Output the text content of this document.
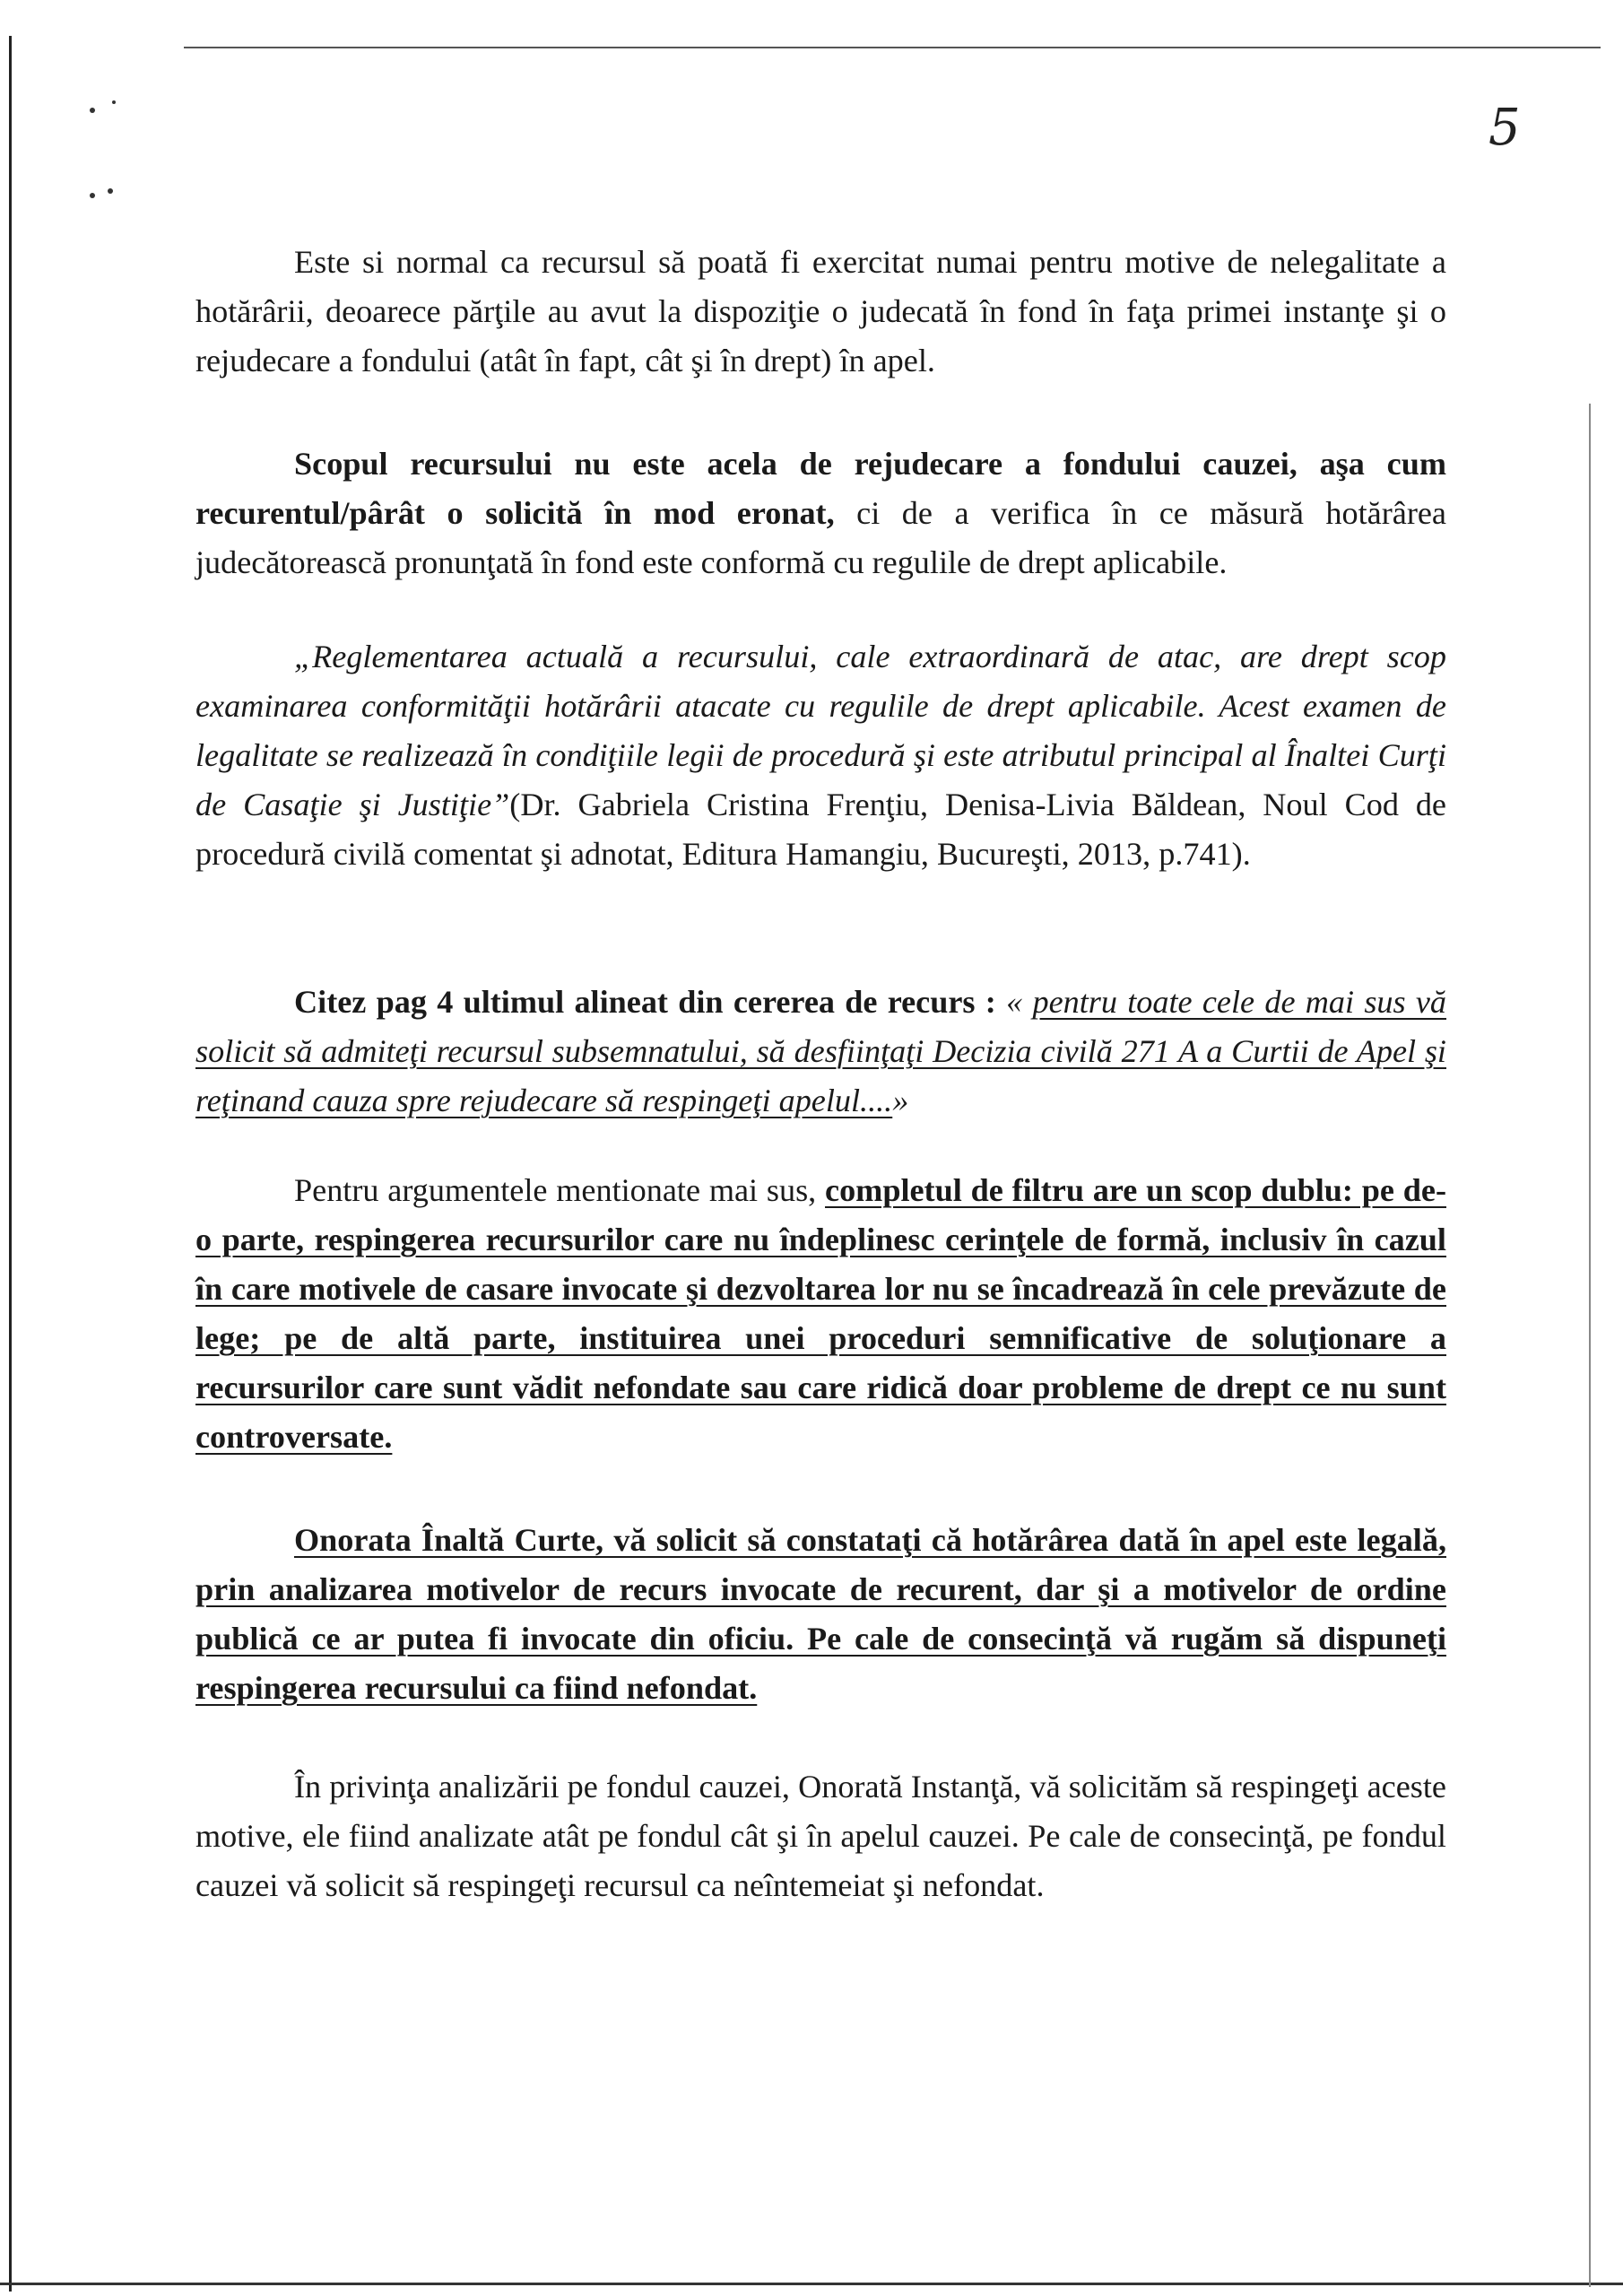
5

Este si normal ca recursul să poată fi exercitat numai pentru motive de nelegalitate a hotărârii, deoarece părţile au avut la dispoziţie o judecată în fond în faţa primei instanţe şi o rejudecare a fondului (atât în fapt, cât şi în drept) în apel.

Scopul recursului nu este acela de rejudecare a fondului cauzei, aşa cum recurentul/pârât o solicită în mod eronat, ci de a verifica în ce măsură hotărârea judecătorească pronunţată în fond este conformă cu regulile de drept aplicabile.

„Reglementarea actuală a recursului, cale extraordinară de atac, are drept scop examinarea conformităţii hotărârii atacate cu regulile de drept aplicabile. Acest examen de legalitate se realizează în condiţiile legii de procedură şi este atributul principal al Înaltei Curţi de Casaţie şi Justiţie”(Dr. Gabriela Cristina Frenţiu, Denisa-Livia Băldean, Noul Cod de procedură civilă comentat şi adnotat, Editura Hamangiu, Bucureşti, 2013, p.741).

Citez pag 4 ultimul alineat din cererea de recurs : « pentru toate cele de mai sus vă solicit să admiteţi recursul subsemnatului, să desfiinţaţi Decizia civilă 271 A a Curtii de Apel şi reţinand cauza spre rejudecare să respingeţi apelul....»

Pentru argumentele mentionate mai sus, completul de filtru are un scop dublu: pe de-o parte, respingerea recursurilor care nu îndeplinesc cerinţele de formă, inclusiv în cazul în care motivele de casare invocate şi dezvoltarea lor nu se încadrează în cele prevăzute de lege; pe de altă parte, instituirea unei proceduri semnificative de soluţionare a recursurilor care sunt vădit nefondate sau care ridică doar probleme de drept ce nu sunt controversate.

Onorata Înaltă Curte, vă solicit să constataţi că hotărârea dată în apel este legală, prin analizarea motivelor de recurs invocate de recurent, dar şi a motivelor de ordine publică ce ar putea fi invocate din oficiu. Pe cale de consecinţă vă rugăm să dispuneţi respingerea recursului ca fiind nefondat.

În privinţa analizării pe fondul cauzei, Onorată Instanţă, vă solicităm să respingeţi aceste motive, ele fiind analizate atât pe fondul cât şi în apelul cauzei. Pe cale de consecinţă, pe fondul cauzei vă solicit să respingeţi recursul ca neîntemeiat şi nefondat.
